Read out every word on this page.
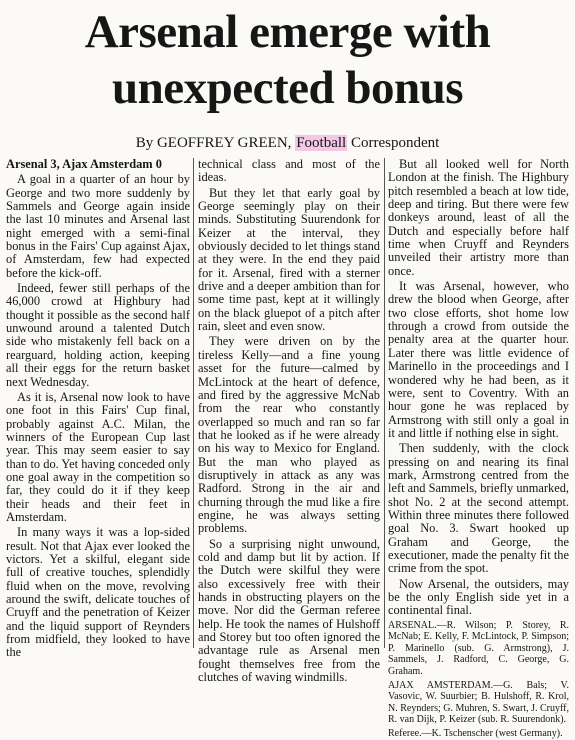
Arsenal emerge with
unexpected bonus
By GEOFFREY GREEN, Football Correspondent

Arsenal 3, Ajax Amsterdam 0

A goal in a quarter of an hour by George and two more suddenly by Sammels and George again inside the last 10 minutes and Arsenal last night emerged with a semi-final bonus in the Fairs' Cup against Ajax, of Amsterdam, few had expected before the kick-off.

Indeed, fewer still perhaps of the 46,000 crowd at Highbury had thought it possible as the second half unwound around a talented Dutch side who mistakenly fell back on a rearguard, holding action, keeping all their eggs for the return basket next Wednesday.

As it is, Arsenal now look to have one foot in this Fairs' Cup final, probably against A.C. Milan, the winners of the European Cup last year. This may seem easier to say than to do. Yet having conceded only one goal away in the competition so far, they could do it if they keep their heads and their feet in Amsterdam.

In many ways it was a lop-sided result. Not that Ajax ever looked the victors. Yet a skilful, elegant side full of creative touches, splendidly fluid when on the move, revolving around the swift, delicate touches of Cruyff and the penetration of Keizer and the liquid support of Reynders from midfield, they looked to have the

technical class and most of the ideas.

But they let that early goal by George seemingly play on their minds. Substituting Suurendonk for Keizer at the interval, they obviously decided to let things stand at they were. In the end they paid for it. Arsenal, fired with a sterner drive and a deeper ambition than for some time past, kept at it willingly on the black gluepot of a pitch after rain, sleet and even snow.

They were driven on by the tireless Kelly—and a fine young asset for the future—calmed by McLintock at the heart of defence, and fired by the aggressive McNab from the rear who constantly overlapped so much and ran so far that he looked as if he were already on his way to Mexico for England. But the man who played as disruptively in attack as any was Radford. Strong in the air and churning through the mud like a fire engine, he was always setting problems.

So a surprising night unwound, cold and damp but lit by action. If the Dutch were skilful they were also excessively free with their hands in obstructing players on the move. Nor did the German referee help. He took the names of Hulshoff and Storey but too often ignored the advantage rule as Arsenal men fought themselves free from the clutches of waving windmills.

But all looked well for North London at the finish. The Highbury pitch resembled a beach at low tide, deep and tiring. But there were few donkeys around, least of all the Dutch and especially before half time when Cruyff and Reynders unveiled their artistry more than once.

It was Arsenal, however, who drew the blood when George, after two close efforts, shot home low through a crowd from outside the penalty area at the quarter hour. Later there was little evidence of Marinello in the proceedings and I wondered why he had been, as it were, sent to Coventry. With an hour gone he was replaced by Armstrong with still only a goal in it and little if nothing else in sight.

Then suddenly, with the clock pressing on and nearing its final mark, Armstrong centred from the left and Sammels, briefly unmarked, shot No. 2 at the second attempt. Within three minutes there followed goal No. 3. Swart hooked up Graham and George, the executioner, made the penalty fit the crime from the spot.

Now Arsenal, the outsiders, may be the only English side yet in a continental final.

ARSENAL.—R. Wilson; P. Storey, R. McNab; E. Kelly, F. McLintock, P. Simpson; P. Marinello (sub. G. Armstrong), J. Sammels, J. Radford, C. George, G. Graham.

AJAX AMSTERDAM.—G. Bals; V. Vasovic, W. Suurbier; B. Hulshoff, R. Krol, N. Reynders; G. Muhren, S. Swart, J. Cruyff, R. van Dijk, P. Keizer (sub. R. Suurendonk).

Referee.—K. Tschenscher (west Germany).
